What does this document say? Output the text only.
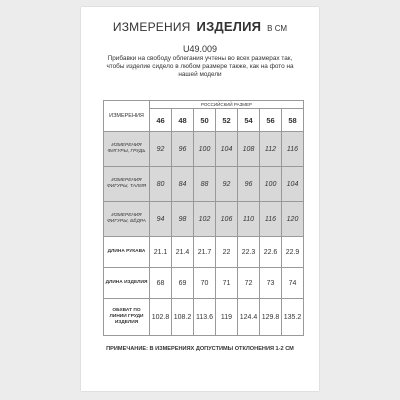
ИЗМЕРЕНИЯ ИЗДЕЛИЯ В СМ
U49.009
Прибавки на свободу облегания учтены во всех размерах так, чтобы изделие сидело в любом размере также, как на фото на нашей модели
ИЗМЕРЕНИЯ	РОССИЙСКИЙ РАЗМЕР						
	46	48	50	52	54	56	58
ИЗМЕРЕНИЯ ФИГУРЫ, ГРУДЬ	92	96	100	104	108	112	116
ИЗМЕРЕНИЯ ФИГУРЫ, ТАЛИЯ	80	84	88	92	96	100	104
ИЗМЕРЕНИЯ ФИГУРЫ, БЁДРА	94	98	102	106	110	116	120
ДЛИНА РУКАВА	21.1	21.4	21.7	22	22.3	22.6	22.9
ДЛИНА ИЗДЕЛИЯ	68	69	70	71	72	73	74
ОБХВАТ ПО ЛИНИИ ГРУДИ ИЗДЕЛИЯ	102.8	108.2	113.6	119	124.4	129.8	135.2
ПРИМЕЧАНИЕ: В ИЗМЕРЕНИЯХ ДОПУСТИМЫ ОТКЛОНЕНИЯ 1-2 СМ
